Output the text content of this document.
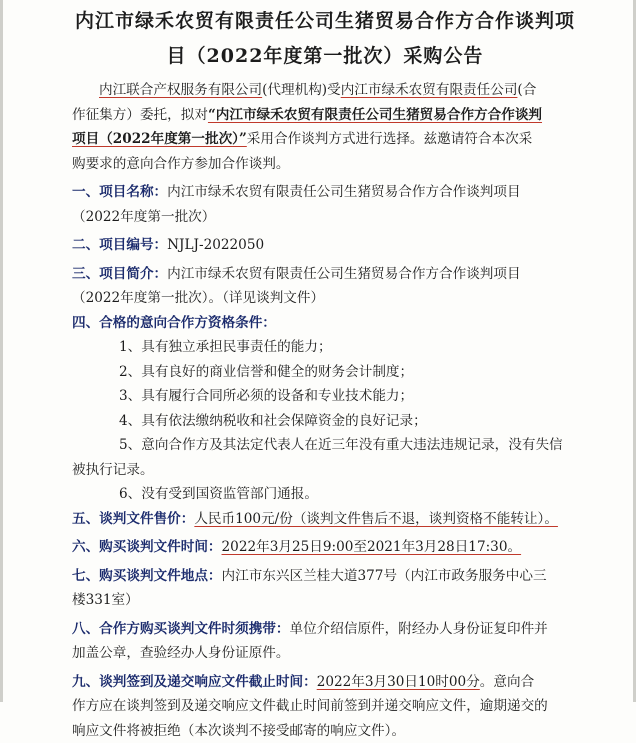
内江市绿禾农贸有限责任公司生猪贸易合作方合作谈判项
目（2022年度第一批次）采购公告

内江联合产权服务有限公司(代理机构)受内江市绿禾农贸有限责任公司(合

作征集方）委托，拟对“内江市绿禾农贸有限责任公司生猪贸易合作方合作谈判

项目（2022年度第一批次）”采用合作谈判方式进行选择。兹邀请符合本次采

购要求的意向合作方参加合作谈判。

一、项目名称：内江市绿禾农贸有限责任公司生猪贸易合作方合作谈判项目

（2022年度第一批次）

二、项目编号：NJLJ-2022050

三、项目简介：内江市绿禾农贸有限责任公司生猪贸易合作方合作谈判项目

（2022年度第一批次）。（详见谈判文件）

四、合格的意向合作方资格条件：

1、具有独立承担民事责任的能力；

2、具有良好的商业信誉和健全的财务会计制度；

3、具有履行合同所必须的设备和专业技术能力；

4、具有依法缴纳税收和社会保障资金的良好记录；

5、意向合作方及其法定代表人在近三年没有重大违法违规记录，没有失信

被执行记录。

6、没有受到国资监管部门通报。

五、谈判文件售价：人民币100元/份（谈判文件售后不退，谈判资格不能转让）。

六、购买谈判文件时间：2022年3月25日9:00至2021年3月28日17:30。

七、购买谈判文件地点：内江市东兴区兰桂大道377号（内江市政务服务中心三

楼331室）

八、合作方购买谈判文件时须携带：单位介绍信原件，附经办人身份证复印件并

加盖公章，查验经办人身份证原件。

九、谈判签到及递交响应文件截止时间：2022年3月30日10时00分。意向合

作方应在谈判签到及递交响应文件截止时间前签到并递交响应文件，逾期递交的

响应文件将被拒绝（本次谈判不接受邮寄的响应文件）。
